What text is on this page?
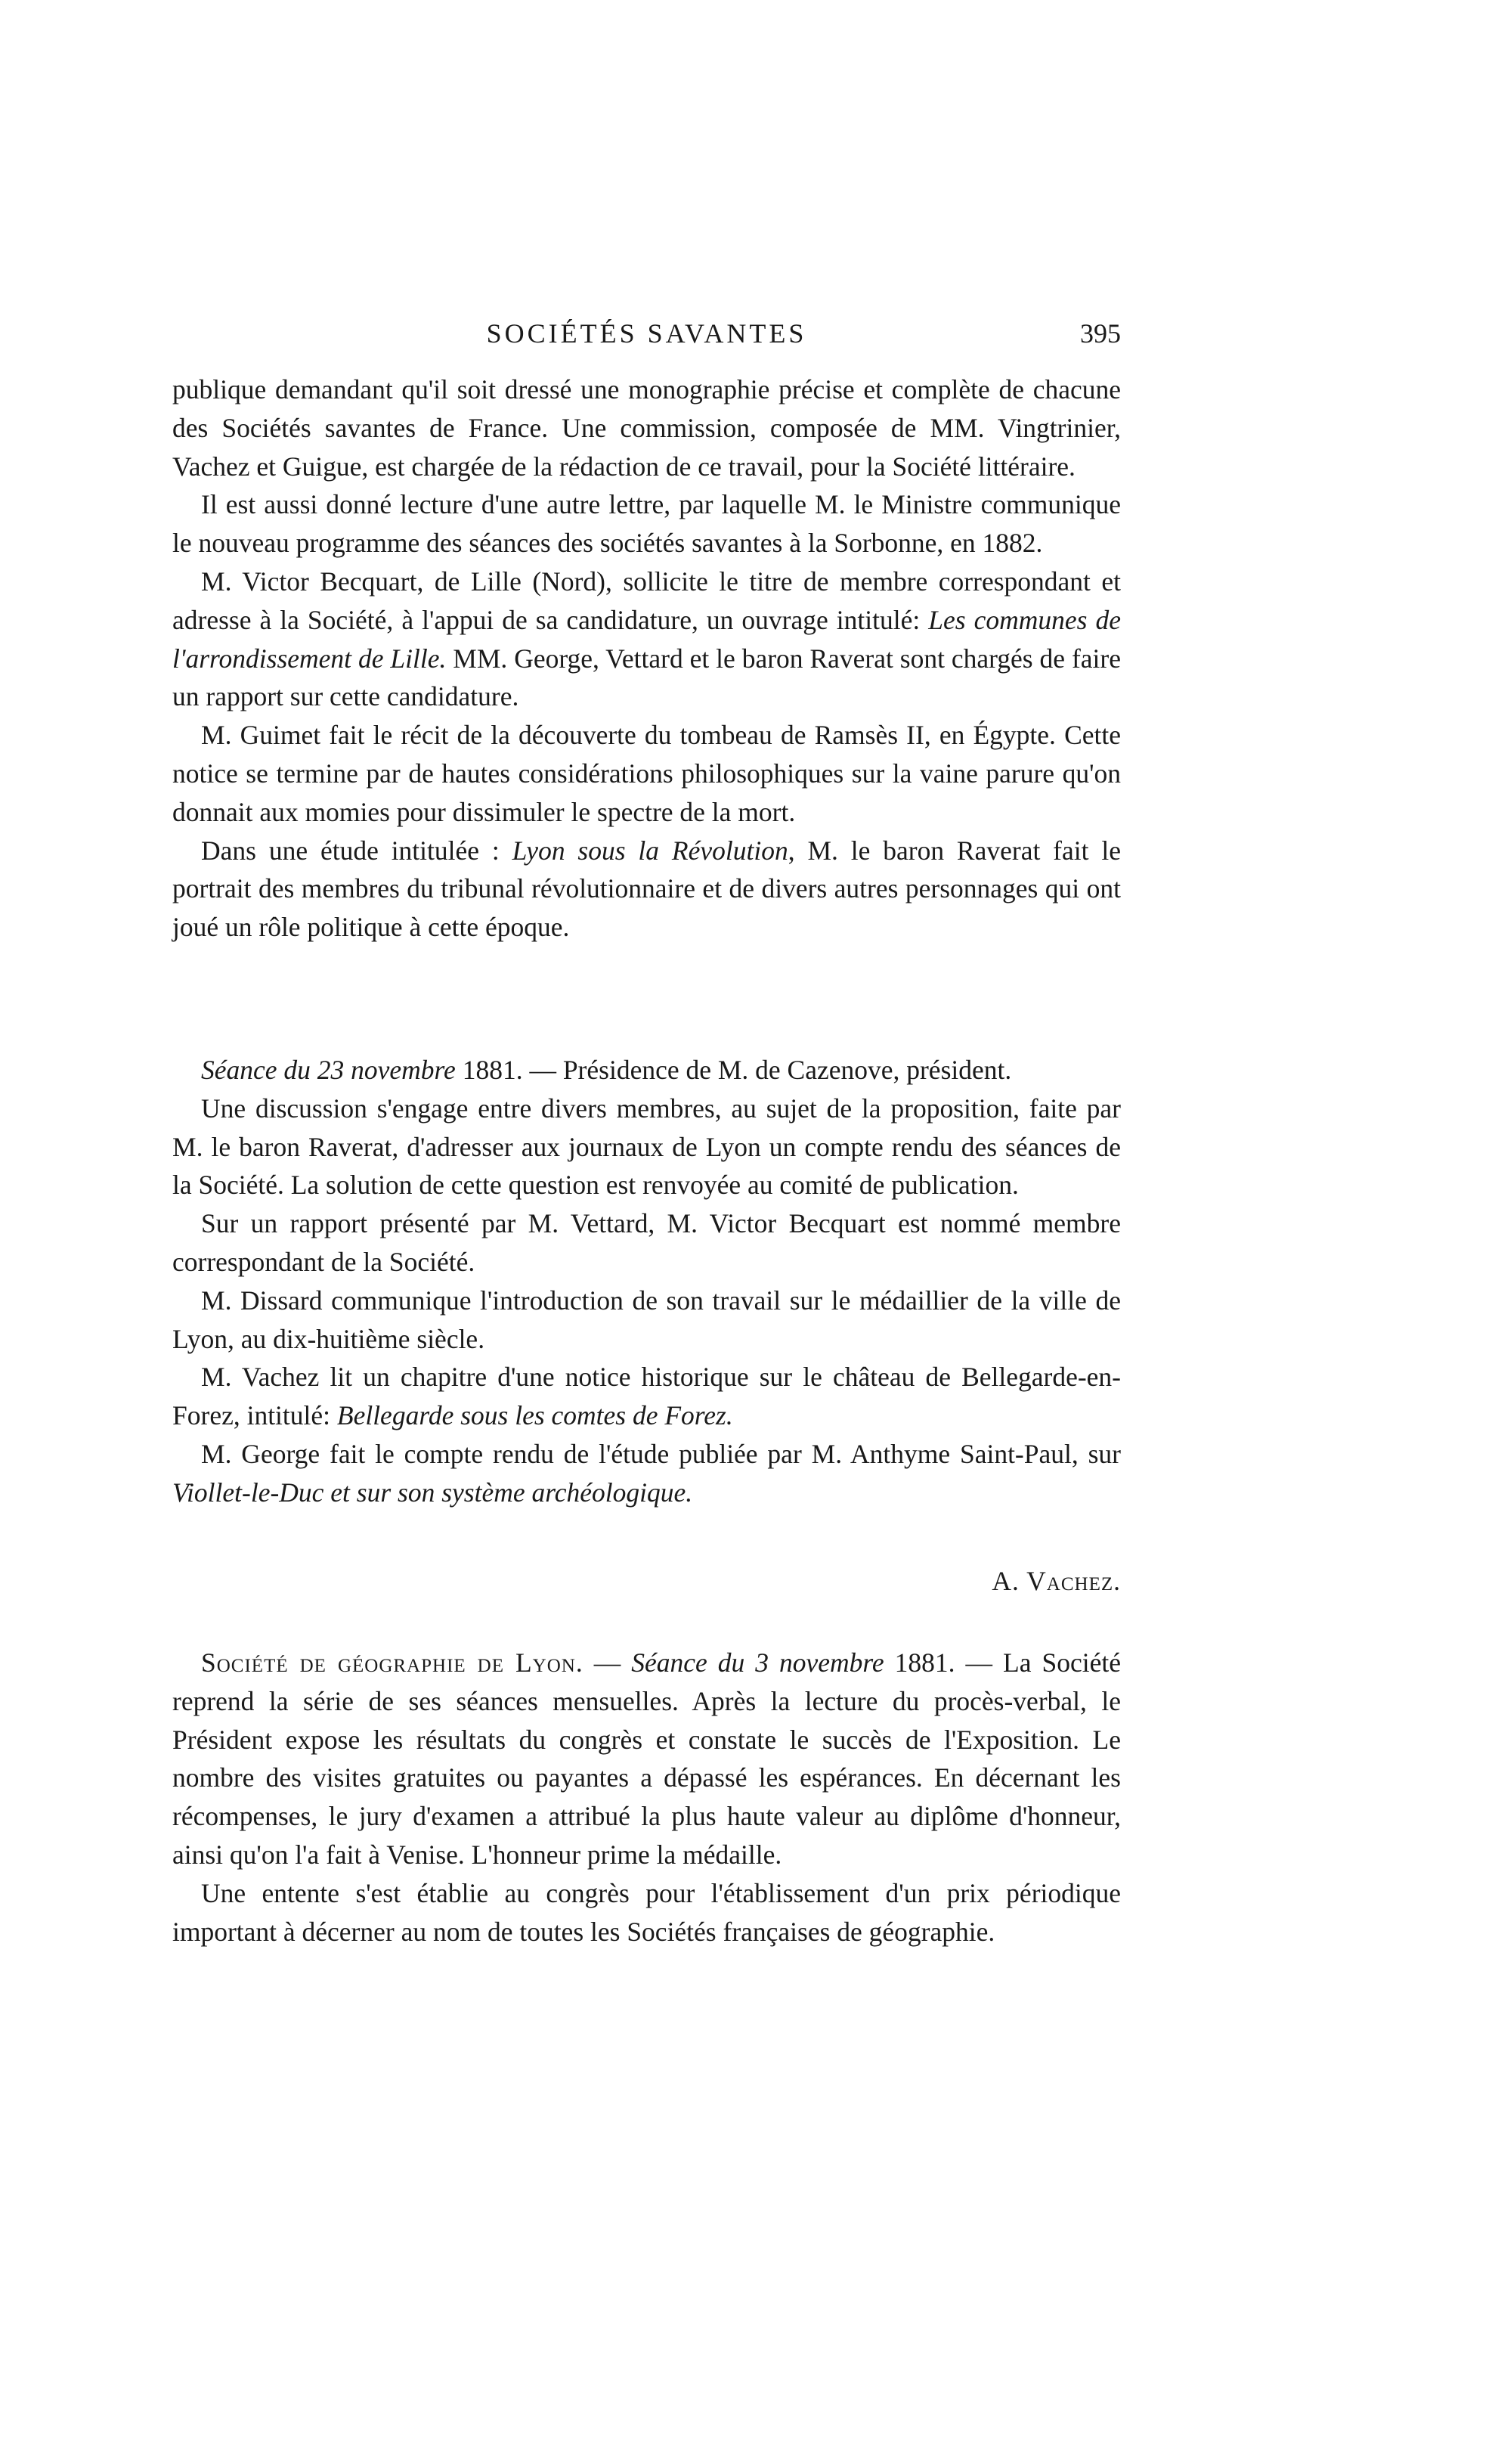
SOCIÉTÉS SAVANTES	395

publique demandant qu'il soit dressé une monographie précise et complète de chacune des Sociétés savantes de France. Une commission, composée de MM. Vingtrinier, Vachez et Guigue, est chargée de la rédaction de ce travail, pour la Société littéraire.

Il est aussi donné lecture d'une autre lettre, par laquelle M. le Ministre communique le nouveau programme des séances des sociétés savantes à la Sorbonne, en 1882.

M. Victor Becquart, de Lille (Nord), sollicite le titre de membre correspondant et adresse à la Société, à l'appui de sa candidature, un ouvrage intitulé: Les communes de l'arrondissement de Lille. MM. George, Vettard et le baron Raverat sont chargés de faire un rapport sur cette candidature.

M. Guimet fait le récit de la découverte du tombeau de Ramsès II, en Égypte. Cette notice se termine par de hautes considérations philosophiques sur la vaine parure qu'on donnait aux momies pour dissimuler le spectre de la mort.

Dans une étude intitulée : Lyon sous la Révolution, M. le baron Raverat fait le portrait des membres du tribunal révolutionnaire et de divers autres personnages qui ont joué un rôle politique à cette époque.

Séance du 23 novembre 1881. — Présidence de M. de Cazenove, président.

Une discussion s'engage entre divers membres, au sujet de la proposition, faite par M. le baron Raverat, d'adresser aux journaux de Lyon un compte rendu des séances de la Société. La solution de cette question est renvoyée au comité de publication.

Sur un rapport présenté par M. Vettard, M. Victor Becquart est nommé membre correspondant de la Société.

M. Dissard communique l'introduction de son travail sur le médaillier de la ville de Lyon, au dix-huitième siècle.

M. Vachez lit un chapitre d'une notice historique sur le château de Bellegarde-en-Forez, intitulé: Bellegarde sous les comtes de Forez.

M. George fait le compte rendu de l'étude publiée par M. Anthyme Saint-Paul, sur Viollet-le-Duc et sur son système archéologique.

A. Vachez.

Société de géographie de Lyon. — Séance du 3 novembre 1881. — La Société reprend la série de ses séances mensuelles. Après la lecture du procès-verbal, le Président expose les résultats du congrès et constate le succès de l'Exposition. Le nombre des visites gratuites ou payantes a dépassé les espérances. En décernant les récompenses, le jury d'examen a attribué la plus haute valeur au diplôme d'honneur, ainsi qu'on l'a fait à Venise. L'honneur prime la médaille.

Une entente s'est établie au congrès pour l'établissement d'un prix périodique important à décerner au nom de toutes les Sociétés françaises de géographie.
